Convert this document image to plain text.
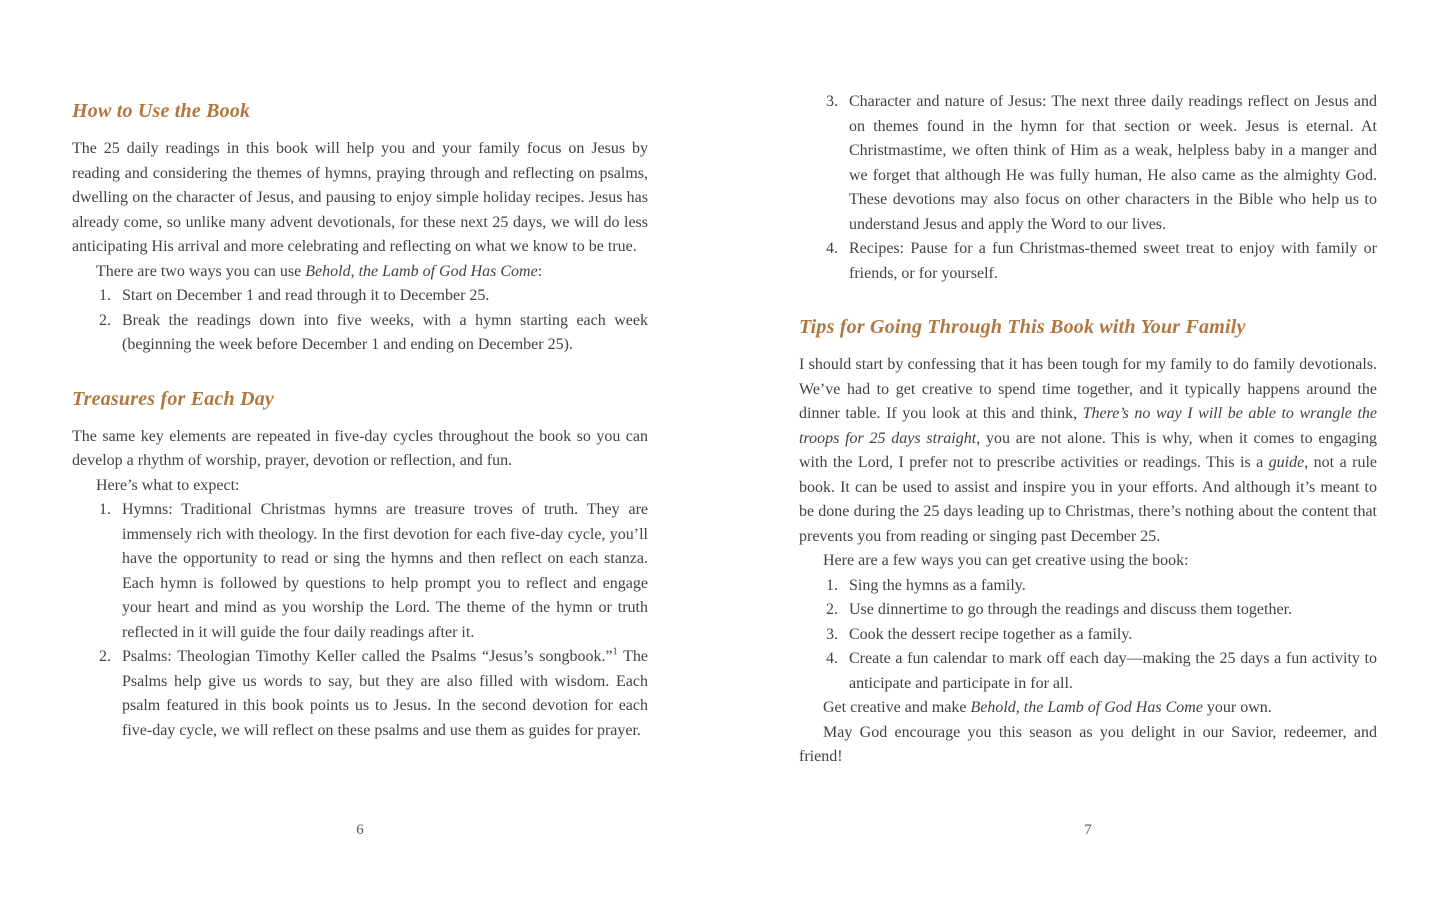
How to Use the Book

The 25 daily readings in this book will help you and your family focus on Jesus by reading and considering the themes of hymns, praying through and reflecting on psalms, dwelling on the character of Jesus, and pausing to enjoy simple holiday recipes. Jesus has already come, so unlike many advent devotionals, for these next 25 days, we will do less anticipating His arrival and more celebrating and reflecting on what we know to be true.

There are two ways you can use Behold, the Lamb of God Has Come:

1. Start on December 1 and read through it to December 25.
2. Break the readings down into five weeks, with a hymn starting each week (beginning the week before December 1 and ending on December 25).
Treasures for Each Day

The same key elements are repeated in five-day cycles throughout the book so you can develop a rhythm of worship, prayer, devotion or reflection, and fun.

Here’s what to expect:

1. Hymns: Traditional Christmas hymns are treasure troves of truth. They are immensely rich with theology. In the first devotion for each five-day cycle, you’ll have the opportunity to read or sing the hymns and then reflect on each stanza. Each hymn is followed by questions to help prompt you to reflect and engage your heart and mind as you worship the Lord. The theme of the hymn or truth reflected in it will guide the four daily readings after it.
2. Psalms: Theologian Timothy Keller called the Psalms “Jesus’s songbook.”$^1$ The Psalms help give us words to say, but they are also filled with wisdom. Each psalm featured in this book points us to Jesus. In the second devotion for each five-day cycle, we will reflect on these psalms and use them as guides for prayer.
6
3. Character and nature of Jesus: The next three daily readings reflect on Jesus and on themes found in the hymn for that section or week. Jesus is eternal. At Christmastime, we often think of Him as a weak, helpless baby in a manger and we forget that although He was fully human, He also came as the almighty God. These devotions may also focus on other characters in the Bible who help us to understand Jesus and apply the Word to our lives.
4. Recipes: Pause for a fun Christmas-themed sweet treat to enjoy with family or friends, or for yourself.
Tips for Going Through This Book with Your Family

I should start by confessing that it has been tough for my family to do family devotionals. We’ve had to get creative to spend time together, and it typically happens around the dinner table. If you look at this and think, There’s no way I will be able to wrangle the troops for 25 days straight, you are not alone. This is why, when it comes to engaging with the Lord, I prefer not to prescribe activities or readings. This is a guide, not a rule book. It can be used to assist and inspire you in your efforts. And although it’s meant to be done during the 25 days leading up to Christmas, there’s nothing about the content that prevents you from reading or singing past December 25.

Here are a few ways you can get creative using the book:

1. Sing the hymns as a family.
2. Use dinnertime to go through the readings and discuss them together.
3. Cook the dessert recipe together as a family.
4. Create a fun calendar to mark off each day—making the 25 days a fun activity to anticipate and participate in for all.

Get creative and make Behold, the Lamb of God Has Come your own.

May God encourage you this season as you delight in our Savior, redeemer, and friend!

7
